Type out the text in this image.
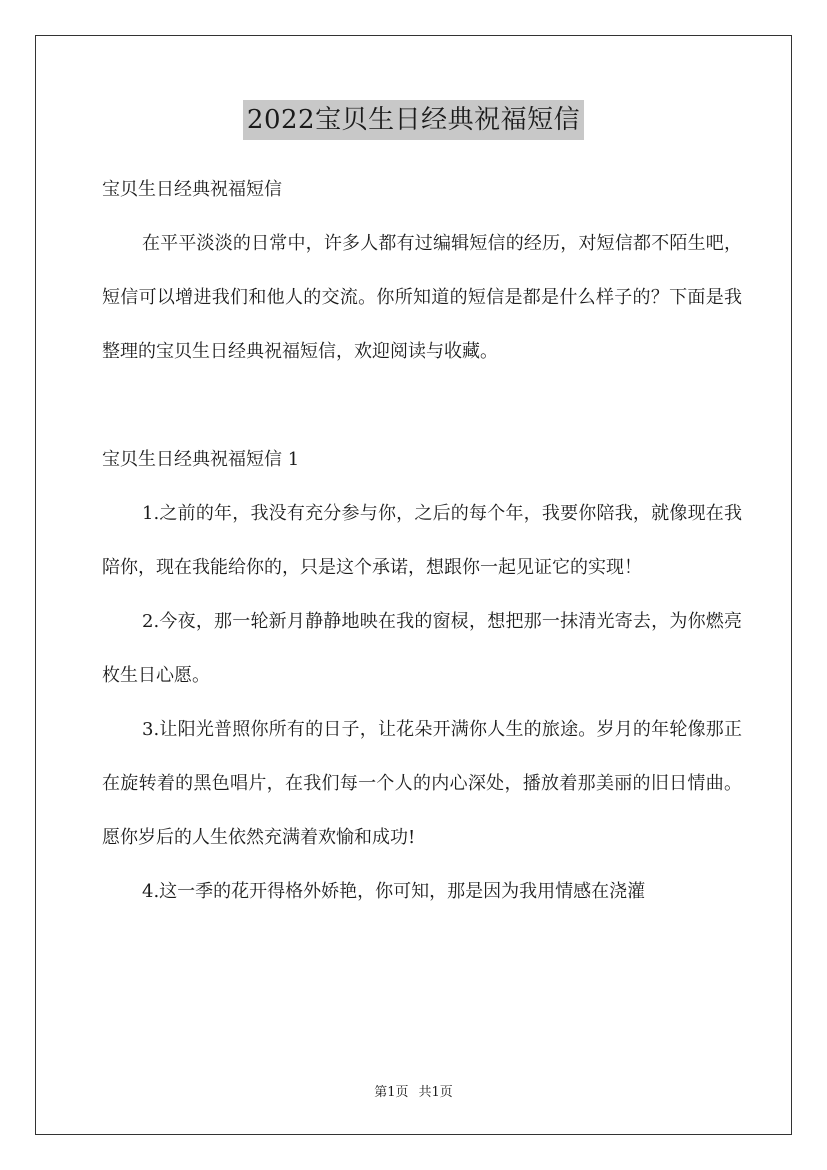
2022宝贝生日经典祝福短信

宝贝生日经典祝福短信

在平平淡淡的日常中，许多人都有过编辑短信的经历，对短信都不陌生吧，短信可以增进我们和他人的交流。你所知道的短信是都是什么样子的？下面是我整理的宝贝生日经典祝福短信，欢迎阅读与收藏。

宝贝生日经典祝福短信 1

1.之前的年，我没有充分参与你，之后的每个年，我要你陪我，就像现在我陪你，现在我能给你的，只是这个承诺，想跟你一起见证它的实现！

2.今夜，那一轮新月静静地映在我的窗棂，想把那一抹清光寄去，为你燃亮枚生日心愿。

3.让阳光普照你所有的日子，让花朵开满你人生的旅途。岁月的年轮像那正在旋转着的黑色唱片，在我们每一个人的内心深处，播放着那美丽的旧日情曲。愿你岁后的人生依然充满着欢愉和成功!

4.这一季的花开得格外娇艳，你可知，那是因为我用情感在浇灌

第1页 共1页
